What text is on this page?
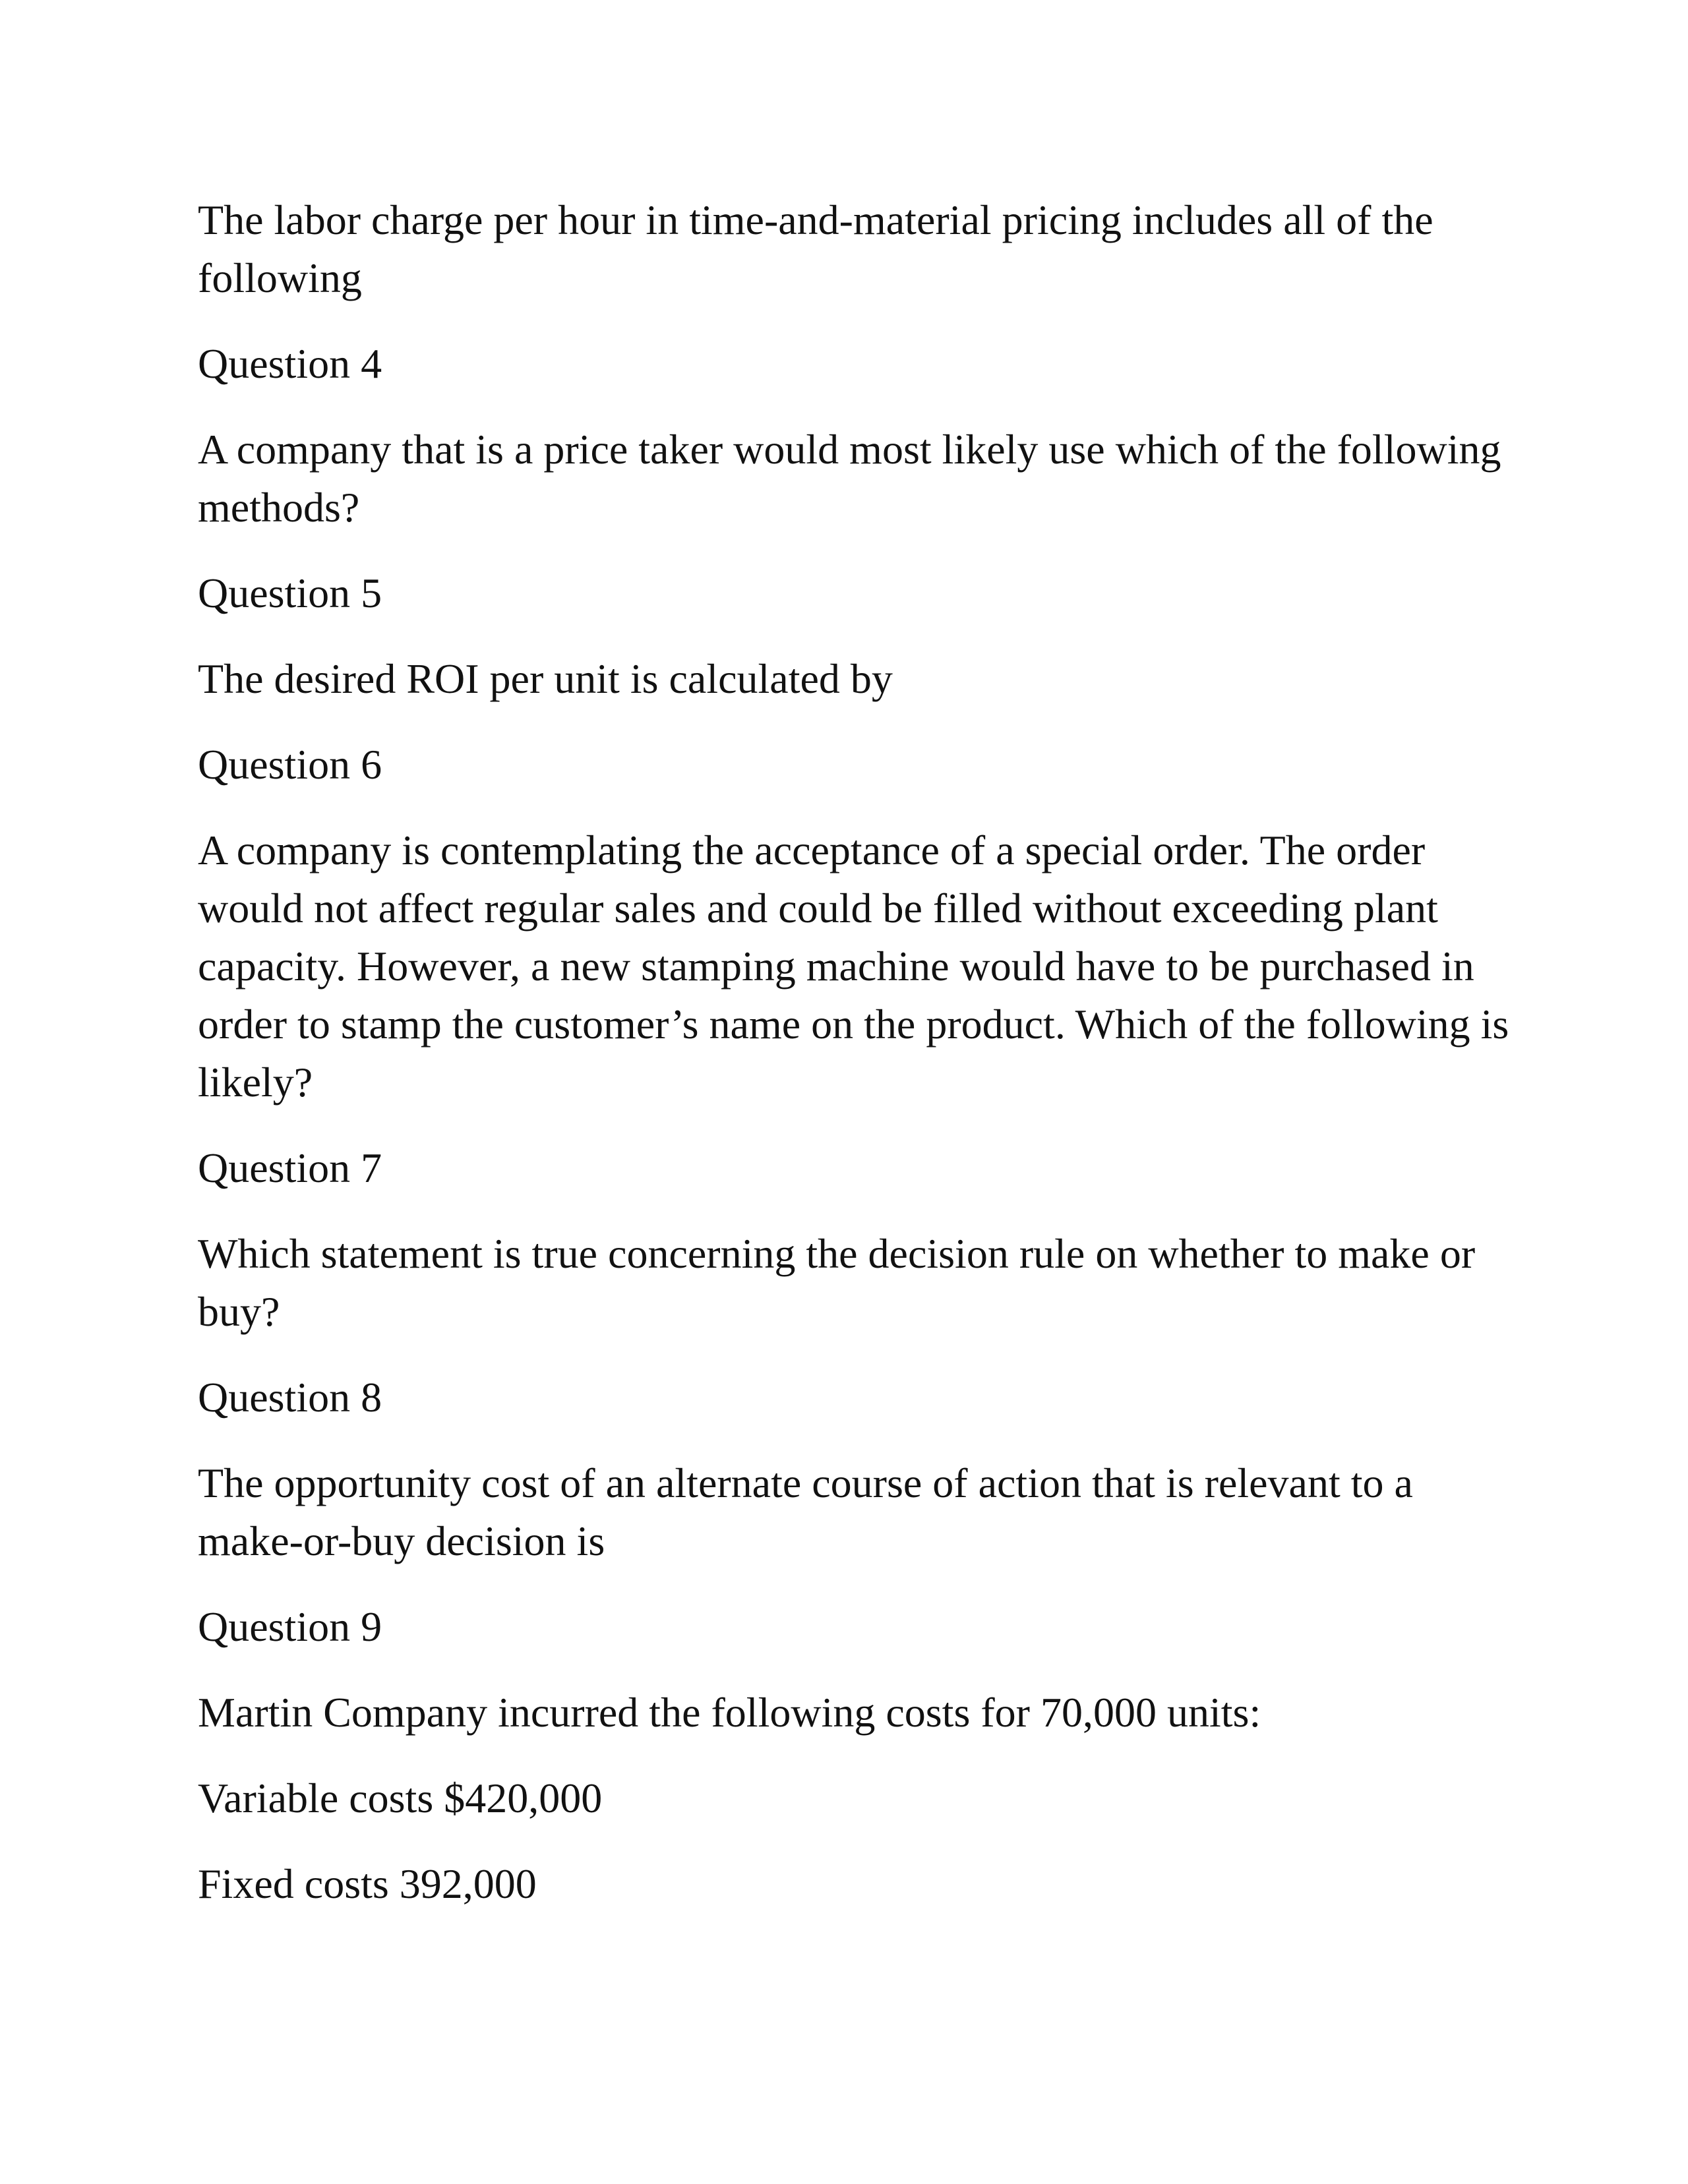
The labor charge per hour in time-and-material pricing includes all of the following

Question 4

A company that is a price taker would most likely use which of the following methods?

Question 5

The desired ROI per unit is calculated by

Question 6

A company is contemplating the acceptance of a special order. The order would not affect regular sales and could be filled without exceeding plant capacity. However, a new stamping machine would have to be purchased in order to stamp the customer’s name on the product. Which of the following is likely?

Question 7

Which statement is true concerning the decision rule on whether to make or buy?

Question 8

The opportunity cost of an alternate course of action that is relevant to a make-or-buy decision is

Question 9

Martin Company incurred the following costs for 70,000 units:

Variable costs $420,000

Fixed costs 392,000
